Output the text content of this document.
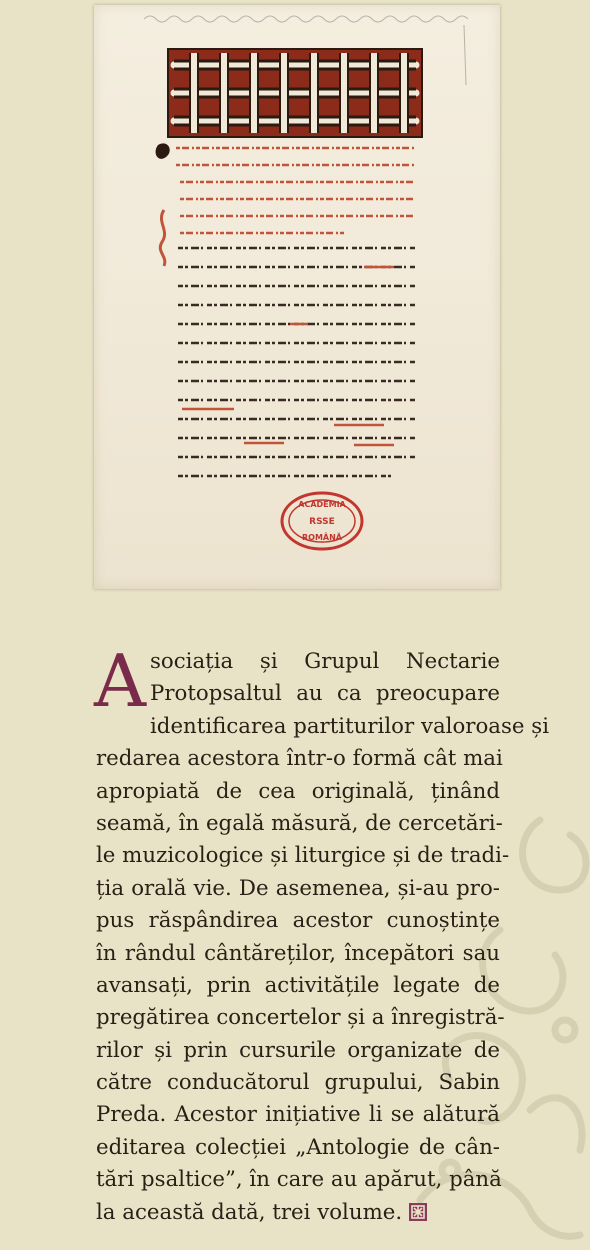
ACADEMIA
RSSE
ROMÂNĂ
A sociația și Grupul Nectarie
Protopsaltul au ca preocupare
identificarea partiturilor valoroase și
redarea acestora într-o formă cât mai
apropiată de cea originală, ținând
seamă, în egală măsură, de cercetări-
le muzicologice și liturgice și de tradi-
ția orală vie. De asemenea, și-au pro-
pus răspândirea acestor cunoștințe
în rândul cântăreților, începători sau
avansați, prin activitățile legate de
pregătirea concertelor și a înregistră-
rilor și prin cursurile organizate de
către conducătorul grupului, Sabin
Preda. Acestor inițiative li se alătură
editarea colecției „Antologie de cân-
tări psaltice”, în care au apărut, până
la această dată, trei volume.
